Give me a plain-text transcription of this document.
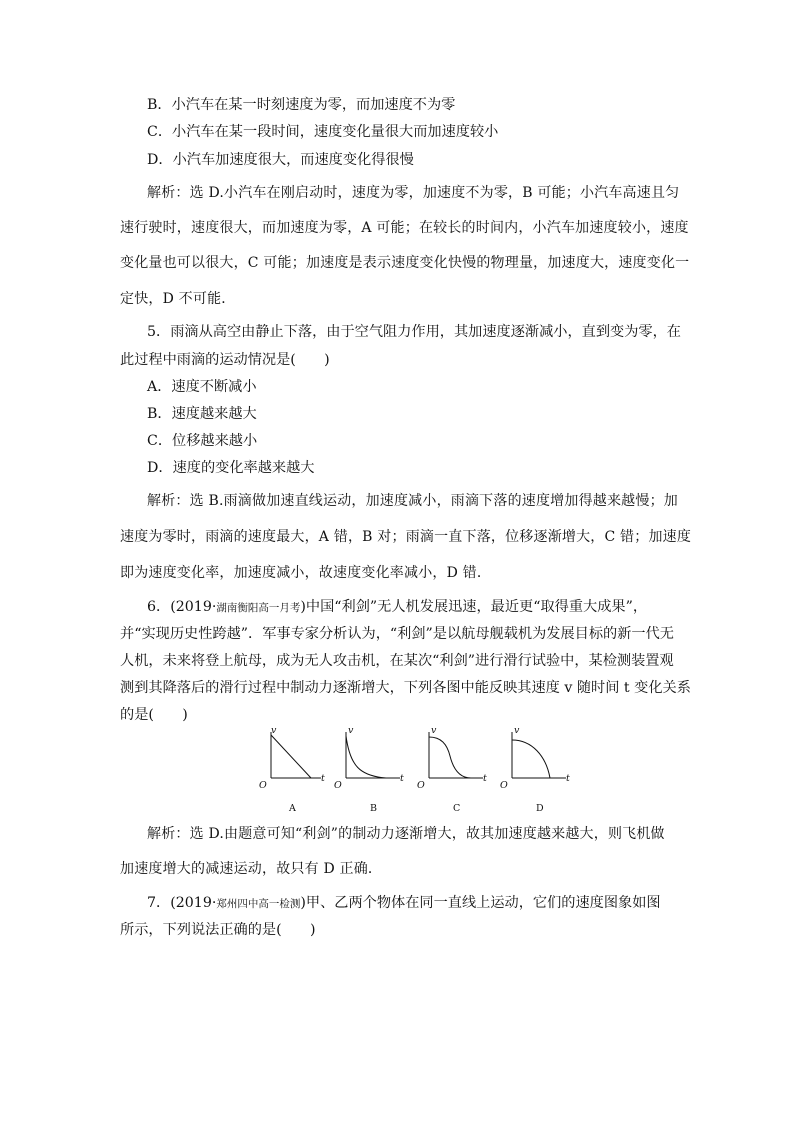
B．小汽车在某一时刻速度为零，而加速度不为零
C．小汽车在某一段时间，速度变化量很大而加速度较小
D．小汽车加速度很大，而速度变化得很慢
解析：选 D.小汽车在刚启动时，速度为零，加速度不为零，B 可能；小汽车高速且匀
速行驶时，速度很大，而加速度为零，A 可能；在较长的时间内，小汽车加速度较小，速度
变化量也可以很大，C 可能；加速度是表示速度变化快慢的物理量，加速度大，速度变化一
定快，D 不可能．
5．雨滴从高空由静止下落，由于空气阻力作用，其加速度逐渐减小，直到变为零，在
此过程中雨滴的运动情况是(　　)
A．速度不断减小
B．速度越来越大
C．位移越来越小
D．速度的变化率越来越大
解析：选 B.雨滴做加速直线运动，加速度减小，雨滴下落的速度增加得越来越慢；加
速度为零时，雨滴的速度最大，A 错，B 对；雨滴一直下落，位移逐渐增大，C 错；加速度
即为速度变化率，加速度减小，故速度变化率减小，D 错．
6．(2019·湖南衡阳高一月考)中国“利剑”无人机发展迅速，最近更“取得重大成果”，
并“实现历史性跨越”．军事专家分析认为，“利剑”是以航母舰载机为发展目标的新一代无
人机，未来将登上航母，成为无人攻击机，在某次“利剑”进行滑行试验中，某检测装置观
测到其降落后的滑行过程中制动力逐渐增大，下列各图中能反映其速度 v 随时间 t 变化关系
的是(　　)
v
t
O
A
v
t
O
B
v
t
O
C
v
t
O
D
解析：选 D.由题意可知“利剑”的制动力逐渐增大，故其加速度越来越大，则飞机做
加速度增大的减速运动，故只有 D 正确．
7．(2019·郑州四中高一检测)甲、乙两个物体在同一直线上运动，它们的速度图象如图
所示，下列说法正确的是(　　)
